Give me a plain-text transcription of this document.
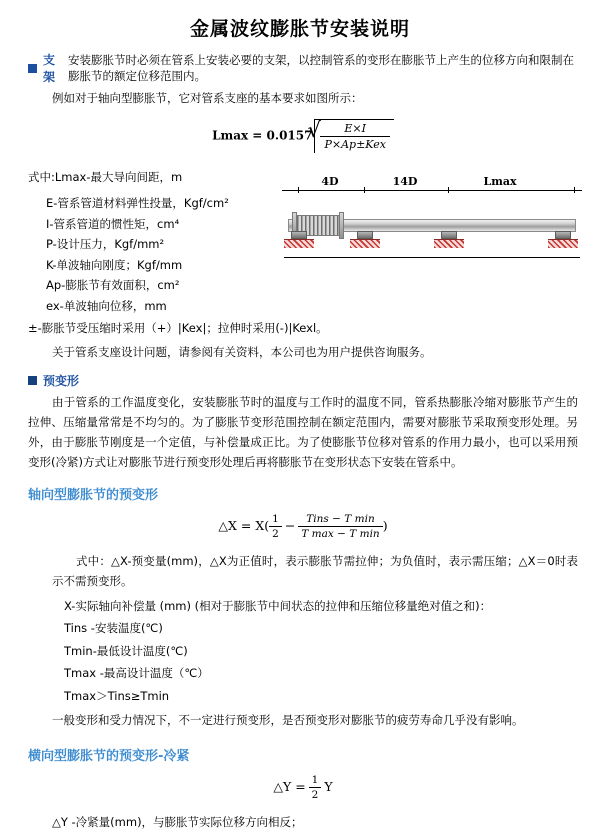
金属波纹膨胀节安装说明
支架
安装膨胀节时必须在管系上安装必要的支架，以控制管系的变形在膨胀节上产生的位移方向和限制在膨胀节的额定位移范围内。

例如对于轴向型膨胀节，它对管系支座的基本要求如图所示：

Lmax = 0.0157 √ $\frac{E\times I}{\text{P×Ap±Kex}}$
式中:Lmax-最大导向间距，m
E-管系管道材料弹性投量，Kgf/cm²
I-管系管道的惯性矩，cm⁴
P-设计压力，Kgf/mm²
K-单波轴向刚度；Kgf/mm
Ap-膨胀节有效面积，cm²
ex-单波轴向位移，mm
4D	14D	Lmax
±-膨胀节受压缩时采用（+）|Kex|；拉伸时采用(-)|Kexl。

关于管系支座设计问题，请参阅有关资料，本公司也为用户提供咨询服务。

预变形

由于管系的工作温度变化，安装膨胀节时的温度与工作时的温度不同，管系热膨胀冷缩对膨胀节产生的拉伸、压缩量常常是不均匀的。为了膨胀节变形范围控制在额定范围内，需要对膨胀节采取预变形处理。另外，由于膨胀节刚度是一个定值，与补偿量成正比。为了使膨胀节位移对管系的作用力最小，也可以采用预变形(冷紧)方式让对膨胀节进行预变形处理后再将膨胀节在变形状态下安装在管系中。

轴向型膨胀节的预变形
△X = $X( \frac{1}{2} - \frac{\text{Tins − T min}}{\text{T max − T min}}$ )

式中：△X-预变量(mm)，△X为正值时，表示膨胀节需拉伸；为负值时，表示需压缩；△X＝0时表示不需预变形。

X-实际轴向补偿量 (mm) (相对于膨胀节中间状态的拉伸和压缩位移量绝对值之和)：
Tins -安装温度(℃)
Tmin-最低设计温度(℃)
Tmax -最高设计温度（℃）
Tmax＞Tins≥Tmin

一般变形和受力情况下，不一定进行预变形，是否预变形对膨胀节的疲劳寿命几乎没有影响。

横向型膨胀节的预变形-冷紧
△Y = $\frac{1}{2}$ Y

△Y -冷紧量(mm)，与膨胀节实际位移方向相反；
